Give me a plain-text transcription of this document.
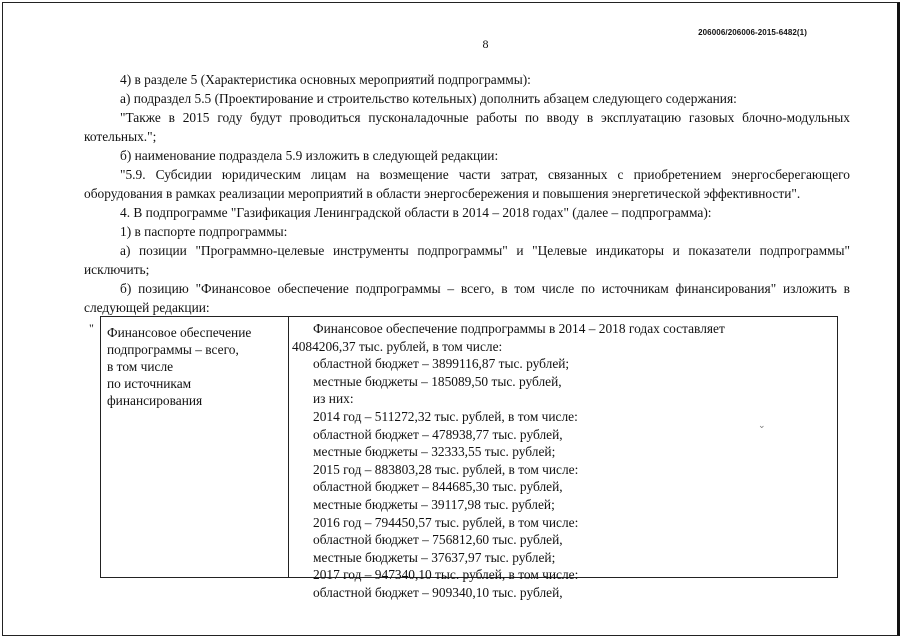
206006/206006-2015-6482(1)
8

4) в разделе 5 (Характеристика основных мероприятий подпрограммы):

а) подраздел 5.5 (Проектирование и строительство котельных) дополнить абзацем следующего содержания:

"Также в 2015 году будут проводиться пусконаладочные работы по вводу в эксплуатацию газовых блочно-модульных котельных.";

б) наименование подраздела 5.9 изложить в следующей редакции:

"5.9. Субсидии юридическим лицам на возмещение части затрат, связанных с приобретением энергосберегающего оборудования в рамках реализации мероприятий в области энергосбережения и повышения энергетической эффективности".

4. В подпрограмме "Газификация Ленинградской области в 2014 – 2018 годах" (далее – подпрограмма):

1) в паспорте подпрограммы:

а) позиции "Программно-целевые инструменты подпрограммы" и "Целевые индикаторы и показатели подпрограммы" исключить;

б) позицию "Финансовое обеспечение подпрограммы – всего, в том числе по источникам финансирования" изложить в следующей редакции:

" Финансовое обеспечение
подпрограммы – всего,
в том числе
по источникам
финансирования
Финансовое обеспечение подпрограммы в 2014 – 2018 годах составляет
4084206,37 тыс. рублей, в том числе:
областной бюджет – 3899116,87 тыс. рублей;
местные бюджеты – 185089,50 тыс. рублей,
из них:
2014 год – 511272,32 тыс. рублей, в том числе:
областной бюджет – 478938,77 тыс. рублей,
местные бюджеты – 32333,55 тыс. рублей;
2015 год – 883803,28 тыс. рублей, в том числе:
областной бюджет – 844685,30 тыс. рублей,
местные бюджеты – 39117,98 тыс. рублей;
2016 год – 794450,57 тыс. рублей, в том числе:
областной бюджет – 756812,60 тыс. рублей,
местные бюджеты – 37637,97 тыс. рублей;
2017 год – 947340,10 тыс. рублей, в том числе:
областной бюджет – 909340,10 тыс. рублей,
⌄
